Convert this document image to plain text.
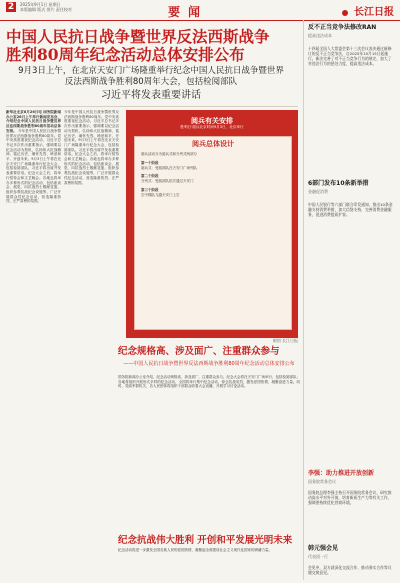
2	2025年9月1日 星期日
本版编辑 版式 图片 责任校对	要闻	长江日报
中国人民抗日战争暨世界反法西斯战争
胜利80周年纪念活动总体安排公布
9月3日上午，在北京天安门广场隆重举行纪念中国人民抗日战争暨世界
反法西斯战争胜利80周年大会，包括检阅部队
习近平将发表重要讲话
新华社北京8月26日电 国务院新闻办公室26日上午举行新闻发布会，介绍纪念中国人民抗日战争暨世界反法西斯战争胜利80周年活动总体安排。 今年是中国人民抗日战争暨世界反法西斯战争胜利80周年。党中央高度重视纪念活动，习近平总书记多次作出重要指示，强调要以纪念活动为契机，弘扬伟大抗战精神，铭记历史、缅怀先烈、珍爱和平、开创未来。9月3日上午将在北京天安门广场隆重举行纪念大会，包括检阅部队，习近平将出席并发表重要讲话。纪念大会之后，将举行招待会和文艺晚会。各地也将举办多种形式的纪念活动，包括座谈会、展览、向抗战烈士敬献花篮、组织参观抗战纪念设施等，广泛开展群众性纪念活动，营造隆重热烈、庄严肃穆的氛围。
今年是中国人民抗日战争暨世界反法西斯战争胜利80周年。党中央高度重视纪念活动，习近平总书记多次作出重要指示，强调要以纪念活动为契机，弘扬伟大抗战精神，铭记历史、缅怀先烈、珍爱和平、开创未来。9月3日上午将在北京天安门广场隆重举行纪念大会，包括检阅部队，习近平将出席并发表重要讲话。纪念大会之后，将举行招待会和文艺晚会。各地也将举办多种形式的纪念活动，包括座谈会、展览、向抗战烈士敬献花篮、组织参观抗战纪念设施等，广泛开展群众性纪念活动，营造隆重热烈、庄严肃穆的氛围。
阅兵有关安排
胜利日·阅兵北京时间9月3日，北京举行
阅兵总体设计
阅兵活动分为阅兵式和分列式两部分
第一个阶段
阅兵式：受阅部队在天安门广场列队
第二个阶段
分列式：受阅部队依次通过天安门
第三个阶段
空中梯队飞越天安门上空
制图 长江日报
纪念规格高、涉及面广、注重群众参与
——中国人民抗日战争暨世界反法西斯战争胜利80周年纪念活动总体安排公布
国务院新闻办公室介绍，纪念活动规格高，涉及面广，注重群众参与。纪念大会将在天安门广场举行，包括检阅部队；各地将组织开展形式多样的纪念活动，全国将举行集中纪念活动，悼念抗战英烈，激发爱国热情，凝聚奋进力量。同时，党政军群机关、各人民团体将组织干部群众收看大会直播，开展学习讨论活动。
纪念抗战伟大胜利 开创和平发展光明未来
纪念活动将进一步激发全国各族人民的爱国热情，凝聚起全面建设社会主义现代化国家的磅礴力量。
反不正当竞争法修改RAN
提高违法成本
十四届全国人大常委会第十三次会议表决通过新修订的反不正当竞争法，自2025年10月15日起施行。新法完善了对不正当竞争行为的规定，加大了对违法行为的惩处力度，提高违法成本。
6部门发布10条新举措
金融促消费
中国人民银行等六部门联合印发通知，推出10条金融支持消费举措，加大信贷支持，完善消费金融服务，促进消费提质扩容。
李强：助力推进开放创新
国务院常务会议
国务院总理李强主持召开国务院常务会议，研究推动高水平对外开放、培育新质生产力等有关工作，强调要持续优化营商环境。
韩元强会见
代表团一行
会见中，双方就深化交流合作、推动务实合作等议题交换意见。
